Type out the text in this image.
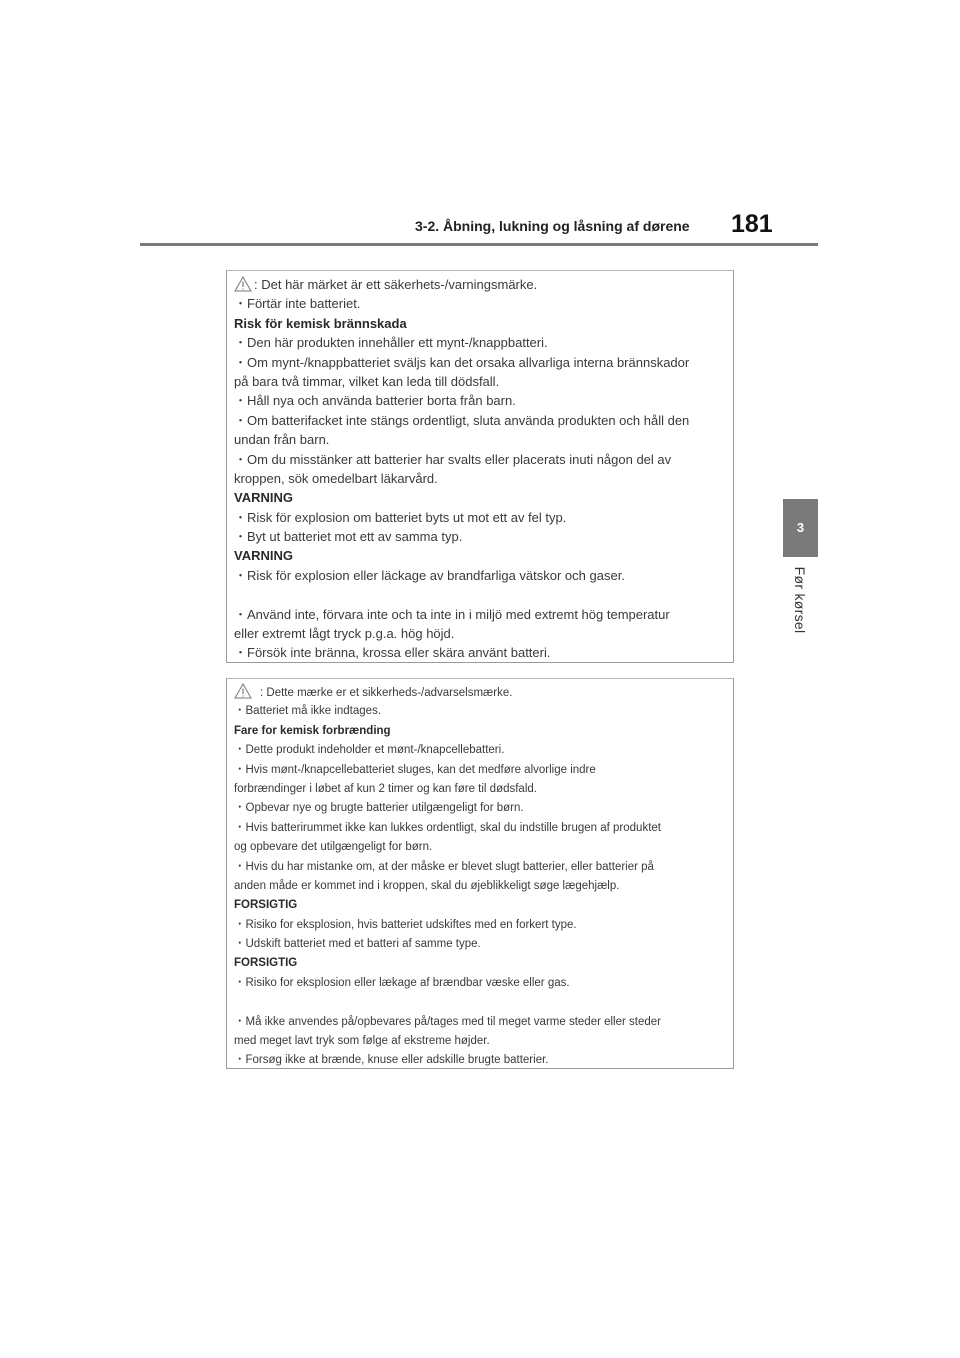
3-2. Åbning, lukning og låsning af dørene 181
3
Før kørsel
: Det här märket är ett säkerhets-/varningsmärke.
・Förtär inte batteriet.
Risk för kemisk brännskada
・Den här produkten innehåller ett mynt-/knappbatteri.
・Om mynt-/knappbatteriet sväljs kan det orsaka allvarliga interna brännskador
på bara två timmar, vilket kan leda till dödsfall.
・Håll nya och använda batterier borta från barn.
・Om batterifacket inte stängs ordentligt, sluta använda produkten och håll den
undan från barn.
・Om du misstänker att batterier har svalts eller placerats inuti någon del av
kroppen, sök omedelbart läkarvård.
VARNING
・Risk för explosion om batteriet byts ut mot ett av fel typ.
・Byt ut batteriet mot ett av samma typ.
VARNING
・Risk för explosion eller läckage av brandfarliga vätskor och gaser.
・Använd inte, förvara inte och ta inte in i miljö med extremt hög temperatur
eller extremt lågt tryck p.g.a. hög höjd.
・Försök inte bränna, krossa eller skära använt batteri.
: Dette mærke er et sikkerheds-/advarselsmærke.
・Batteriet må ikke indtages.
Fare for kemisk forbrænding
・Dette produkt indeholder et mønt-/knapcellebatteri.
・Hvis mønt-/knapcellebatteriet sluges, kan det medføre alvorlige indre
forbrændinger i løbet af kun 2 timer og kan føre til dødsfald.
・Opbevar nye og brugte batterier utilgængeligt for børn.
・Hvis batterirummet ikke kan lukkes ordentligt, skal du indstille brugen af produktet
og opbevare det utilgængeligt for børn.
・Hvis du har mistanke om, at der måske er blevet slugt batterier, eller batterier på
anden måde er kommet ind i kroppen, skal du øjeblikkeligt søge lægehjælp.
FORSIGTIG
・Risiko for eksplosion, hvis batteriet udskiftes med en forkert type.
・Udskift batteriet med et batteri af samme type.
FORSIGTIG
・Risiko for eksplosion eller lækage af brændbar væske eller gas.
・Må ikke anvendes på/opbevares på/tages med til meget varme steder eller steder
med meget lavt tryk som følge af ekstreme højder.
・Forsøg ikke at brænde, knuse eller adskille brugte batterier.
